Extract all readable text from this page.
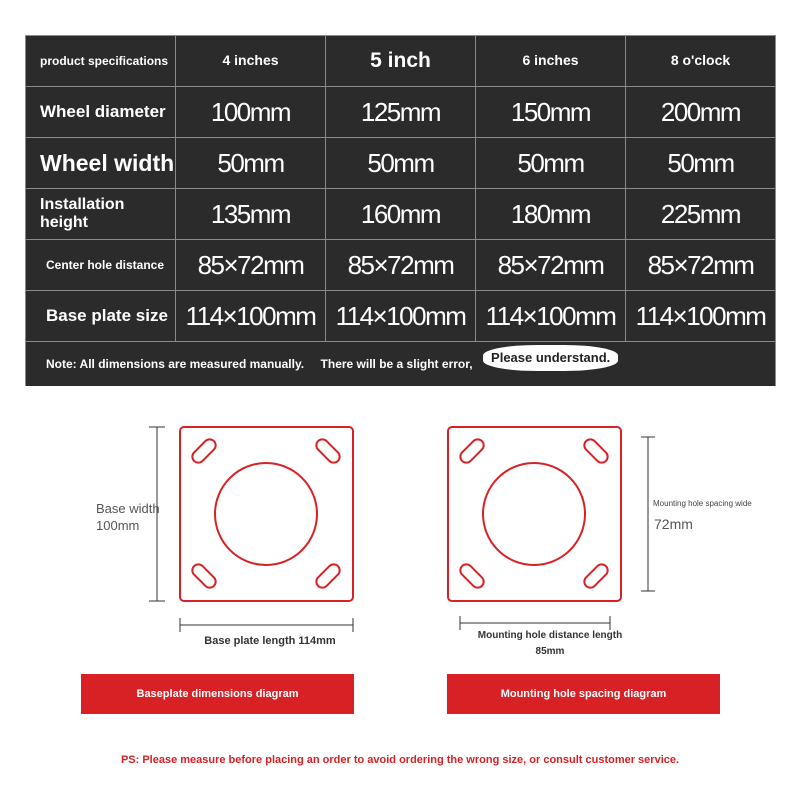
product specifications	4 inches	5 inch	6 inches	8 o'clock
Wheel diameter	100mm	125mm	150mm	200mm
Wheel width	50mm	50mm	50mm	50mm
Installation height	135mm	160mm	180mm	225mm
Center hole distance	85×72mm	85×72mm	85×72mm	85×72mm
Base plate size	114×100mm	114×100mm	114×100mm	114×100mm
Note: All dimensions are measured manually. There will be a slight error, Please understand.				
Base width
100mm
Base plate length 114mm
Baseplate dimensions diagram
Mounting hole spacing wide
72mm
Mounting hole distance length
85mm
Mounting hole spacing diagram
PS: Please measure before placing an order to avoid ordering the wrong size, or consult customer service.
